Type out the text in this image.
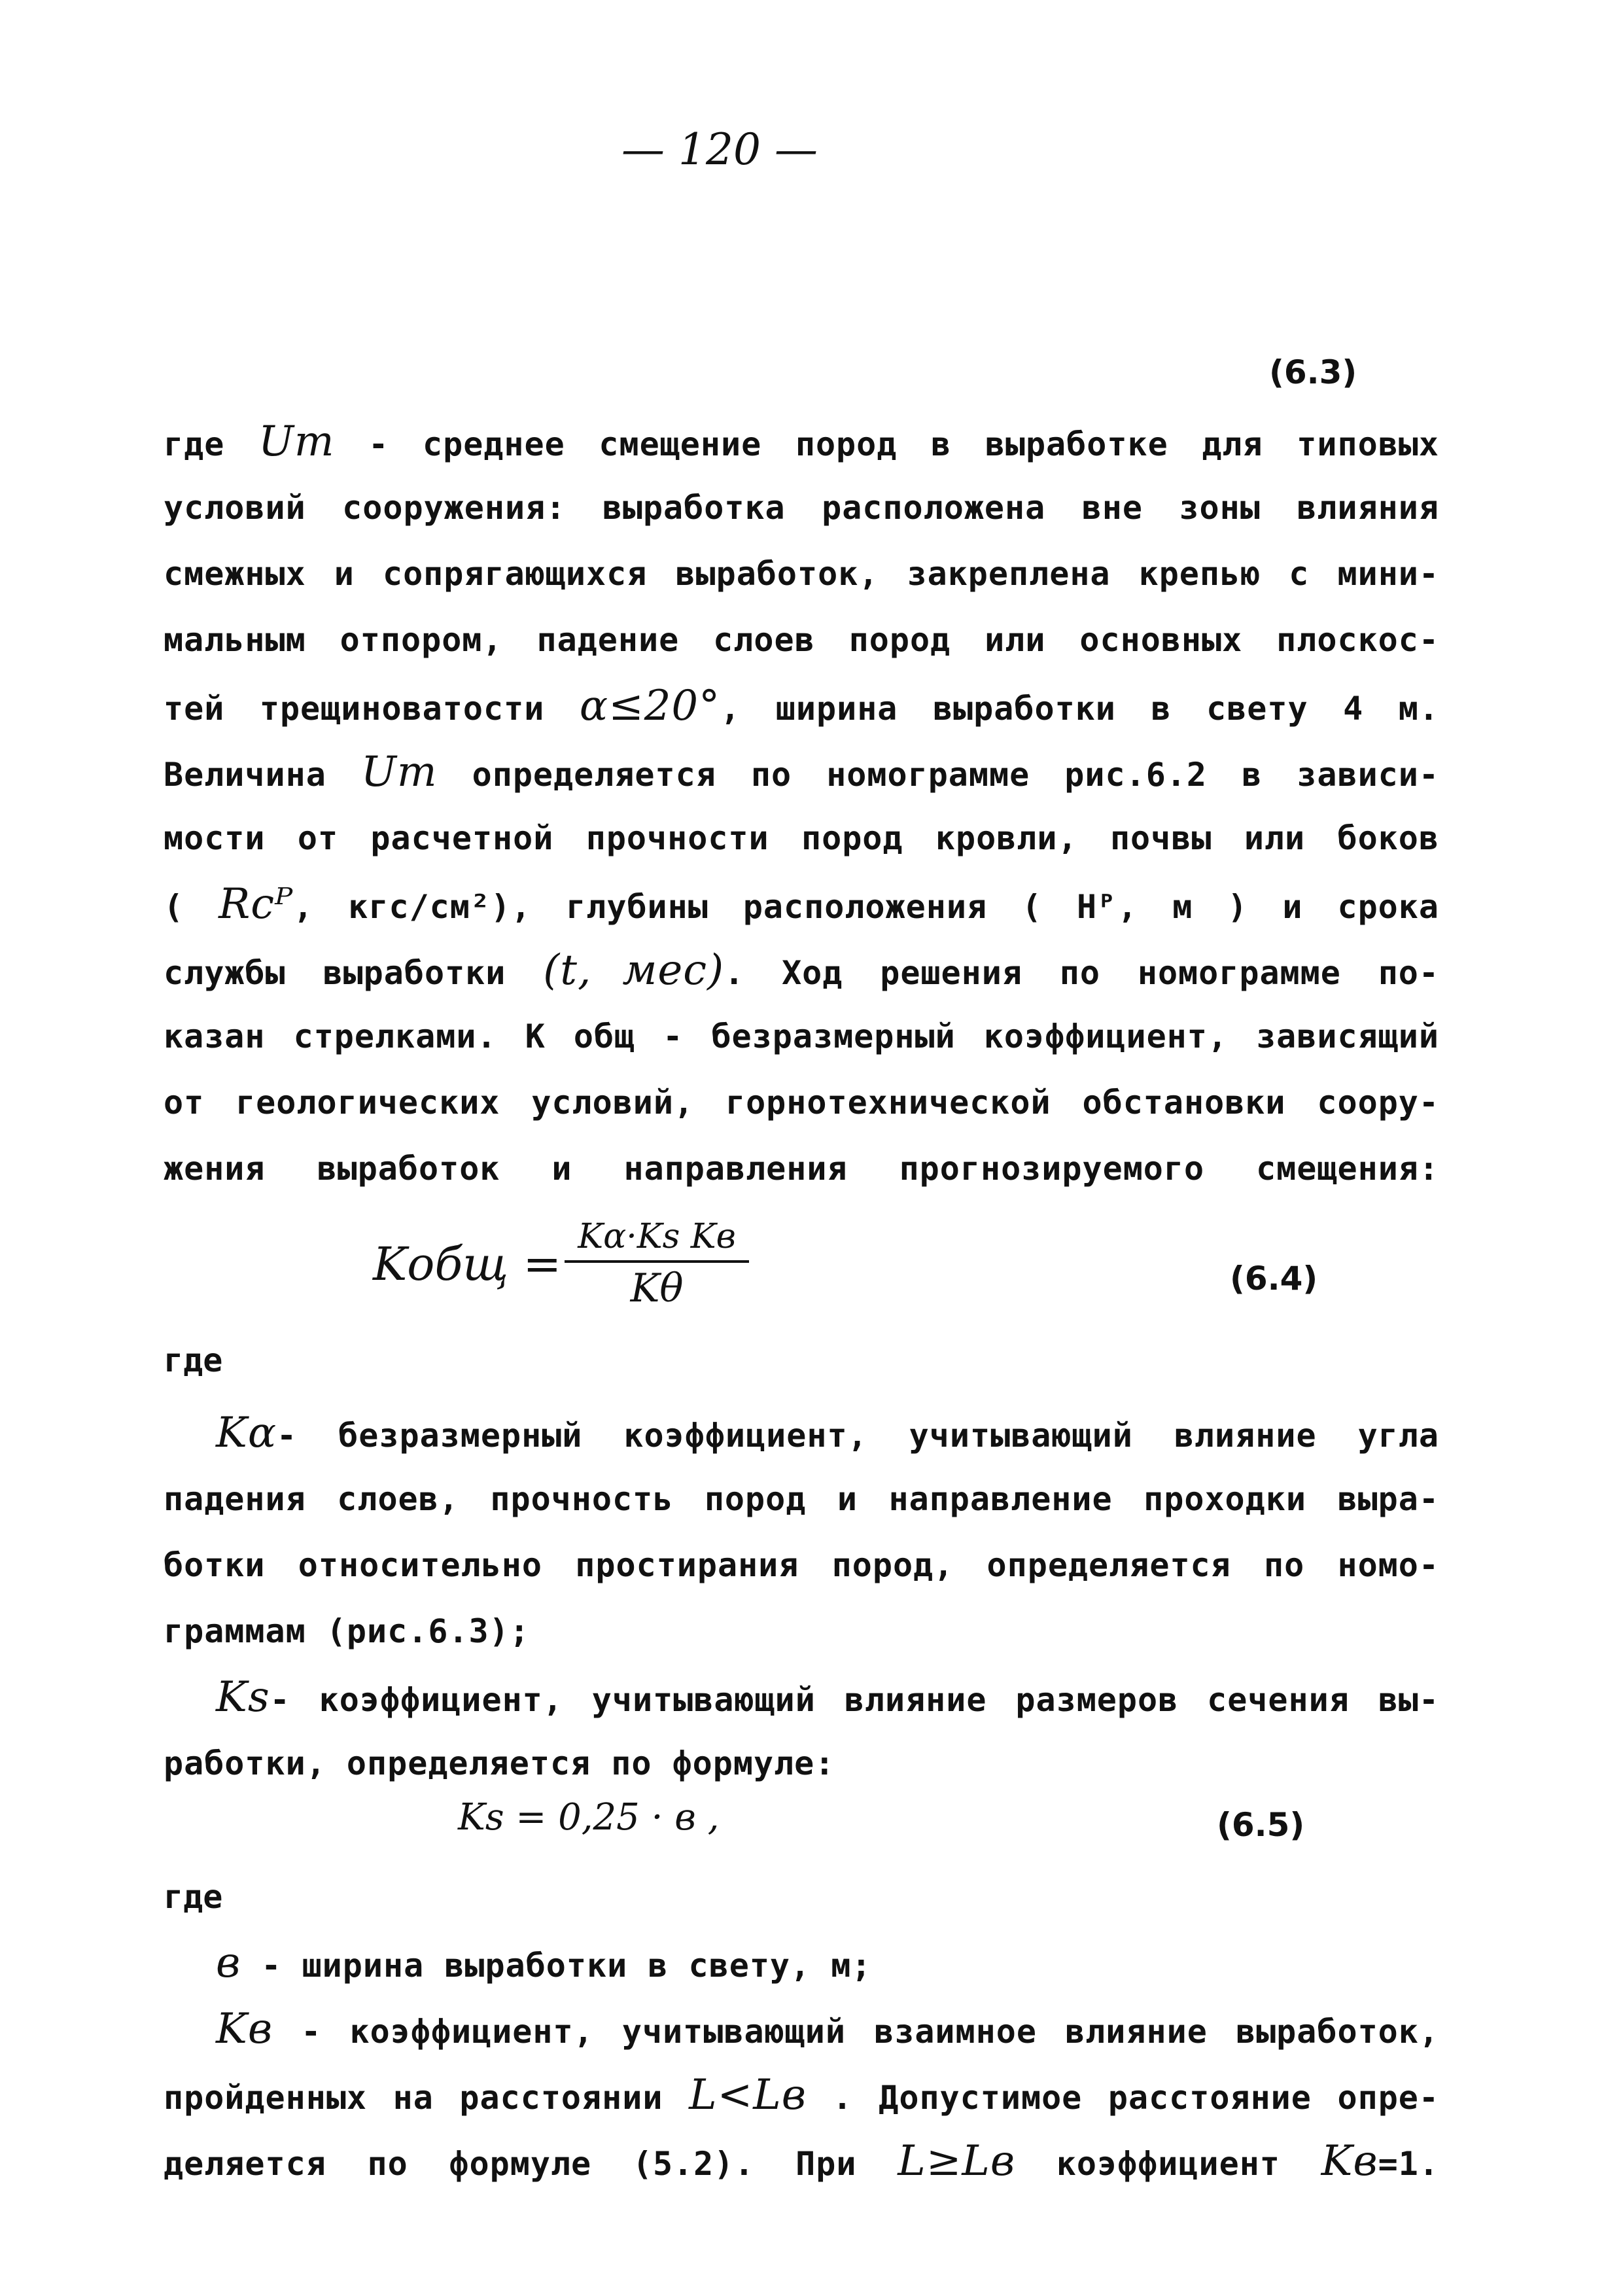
— 120 —
(6.3)
где Uт - среднее смещение пород в выработке для типовых
условий сооружения: выработка расположена вне зоны влияния
смежных и сопрягающихся выработок, закреплена крепью с мини-
мальным отпором, падение слоев пород или основных плоскос-
тей трещиноватости α≤20°, ширина выработки в свету 4 м.
Величина Uт определяется по номограмме рис.6.2 в зависи-
мости от расчетной прочности пород кровли, почвы или боков
( Rсᴾ, кгс/см²), глубины расположения ( Hᴾ, м ) и срока
службы выработки (t, мес). Ход решения по номограмме по-
казан стрелками. К общ - безразмерный коэффициент, зависящий
от геологических условий, горнотехнической обстановки соору-
жения выработок и направления прогнозируемого смещения:
Kобщ = $\frac{\text{Kα·Ks Kв}}{K\theta}$	(6.4)
где
Kα- безразмерный коэффициент, учитывающий влияние угла
падения слоев, прочность пород и направление проходки выра-
ботки относительно простирания пород, определяется по номо-
граммам (рис.6.3);
Ks- коэффициент, учитывающий влияние размеров сечения вы-
работки, определяется по формуле:
Ks = 0,25 · в ,	(6.5)
где
в - ширина выработки в свету, м;
Kв - коэффициент, учитывающий взаимное влияние выработок,
пройденных на расстоянии L<Lв . Допустимое расстояние опре-
деляется по формуле (5.2). При L≥Lв коэффициент Kв=1.
